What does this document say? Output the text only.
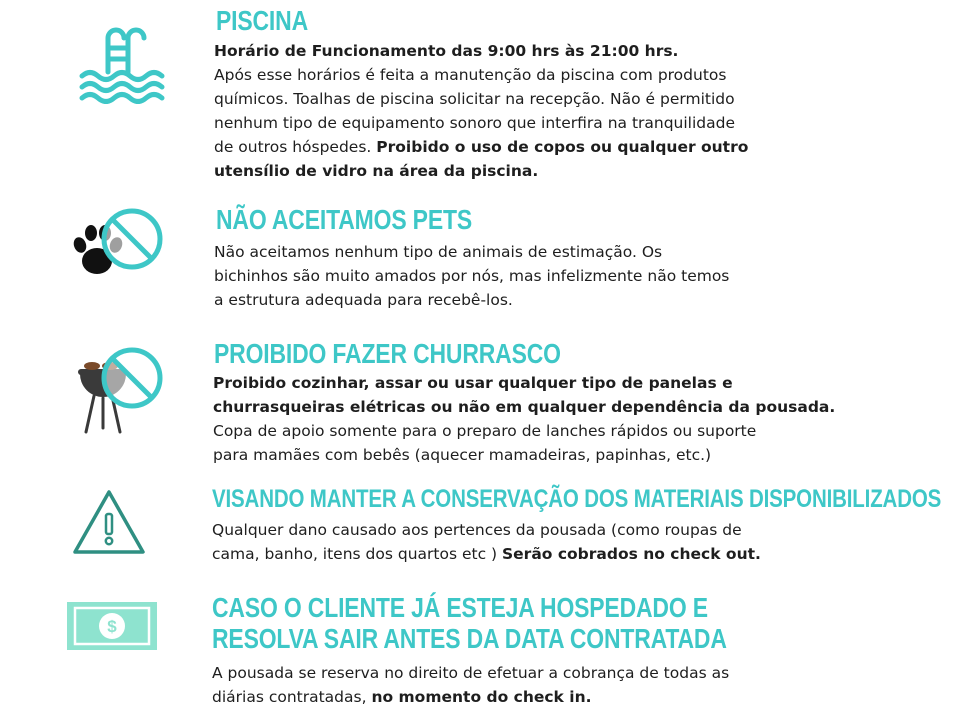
$
PISCINA
Horário de Funcionamento das 9:00 hrs às 21:00 hrs.
Após esse horários é feita a manutenção da piscina com produtos
químicos. Toalhas de piscina solicitar na recepção. Não é permitido
nenhum tipo de equipamento sonoro que interfira na tranquilidade
de outros hóspedes. Proibido o uso de copos ou qualquer outro
utensílio de vidro na área da piscina.
NÃO ACEITAMOS PETS
Não aceitamos nenhum tipo de animais de estimação. Os
bichinhos são muito amados por nós, mas infelizmente não temos
a estrutura adequada para recebê-los.
PROIBIDO FAZER CHURRASCO
Proibido cozinhar, assar ou usar qualquer tipo de panelas e
churrasqueiras elétricas ou não em qualquer dependência da pousada.
Copa de apoio somente para o preparo de lanches rápidos ou suporte
para mamães com bebês (aquecer mamadeiras, papinhas, etc.)
VISANDO MANTER A CONSERVAÇÃO DOS MATERIAIS DISPONIBILIZADOS
Qualquer dano causado aos pertences da pousada (como roupas de
cama, banho, itens dos quartos etc ) Serão cobrados no check out.
CASO O CLIENTE JÁ ESTEJA HOSPEDADO E
RESOLVA SAIR ANTES DA DATA CONTRATADA
A pousada se reserva no direito de efetuar a cobrança de todas as
diárias contratadas, no momento do check in.
